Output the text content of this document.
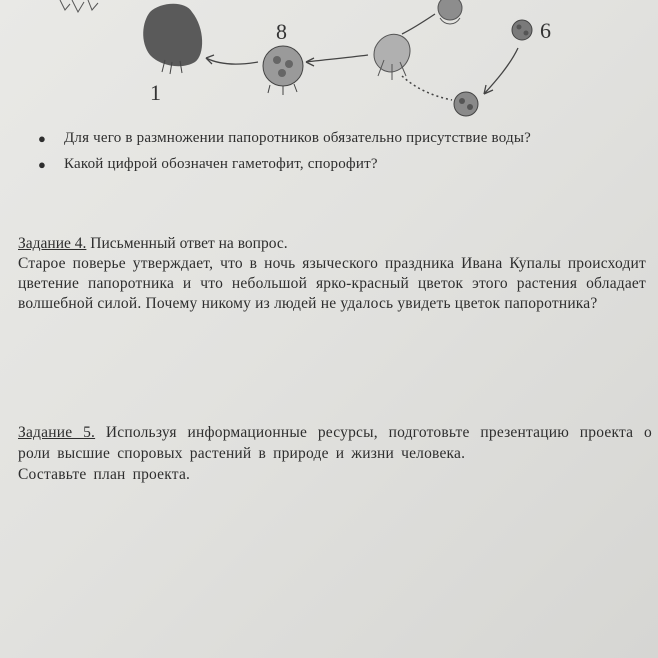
1
8	6
● Для чего в размножении папоротников обязательно присутствие воды?
● Какой цифрой обозначен гаметофит, спорофит?
Задание 4. Письменный ответ на вопрос.
Старое поверье утверждает, что в ночь языческого праздника Ивана Купалы происходит цветение папоротника и что небольшой ярко-красный цветок этого растения обладает волшебной силой. Почему никому из людей не удалось увидеть цветок папоротника?
Задание 5. Используя информационные ресурсы, подготовьте презентацию проекта о роли высшие споровых растений в природе и жизни человека.
Составьте план проекта.
